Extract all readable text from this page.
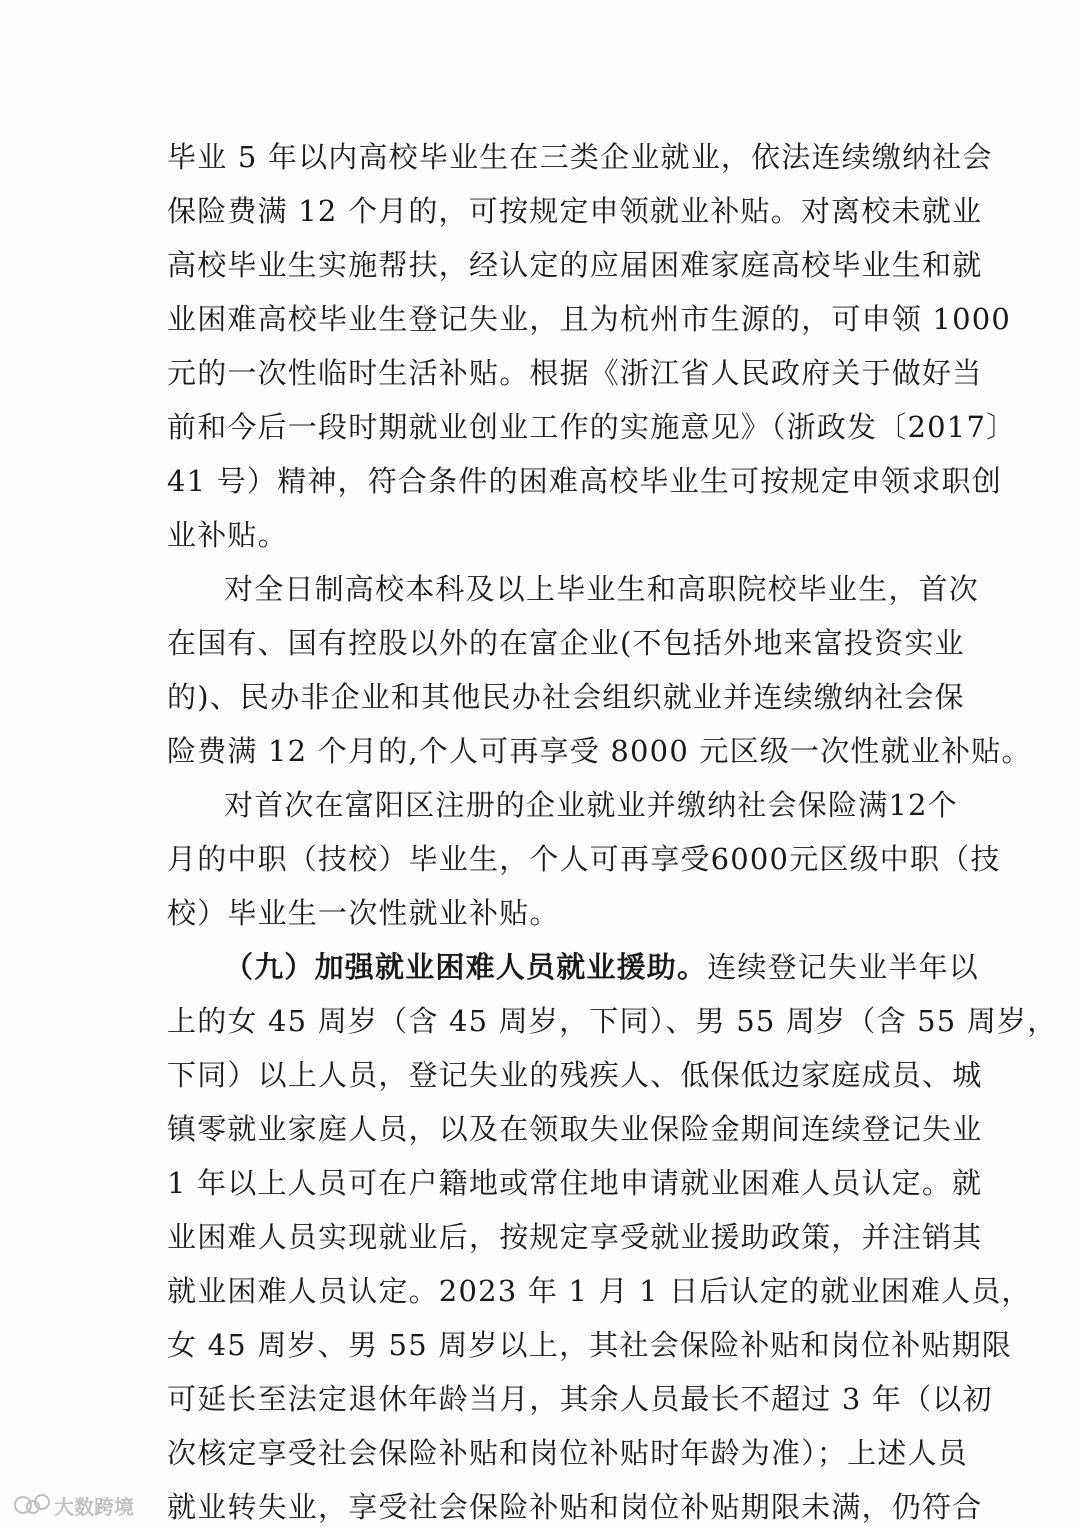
毕业 5 年以内高校毕业生在三类企业就业，依法连续缴纳社会
保险费满 12 个月的，可按规定申领就业补贴。对离校未就业
高校毕业生实施帮扶，经认定的应届困难家庭高校毕业生和就
业困难高校毕业生登记失业，且为杭州市生源的，可申领 1000
元的一次性临时生活补贴。根据《浙江省人民政府关于做好当
前和今后一段时期就业创业工作的实施意见》（浙政发〔2017〕
41 号）精神，符合条件的困难高校毕业生可按规定申领求职创
业补贴。
对全日制高校本科及以上毕业生和高职院校毕业生，首次
在国有、国有控股以外的在富企业(不包括外地来富投资实业
的)、民办非企业和其他民办社会组织就业并连续缴纳社会保
险费满 12 个月的,个人可再享受 8000 元区级一次性就业补贴。
对首次在富阳区注册的企业就业并缴纳社会保险满12个
月的中职（技校）毕业生，个人可再享受6000元区级中职（技
校）毕业生一次性就业补贴。
（九）加强就业困难人员就业援助。连续登记失业半年以
上的女 45 周岁（含 45 周岁，下同）、男 55 周岁（含 55 周岁，
下同）以上人员，登记失业的残疾人、低保低边家庭成员、城
镇零就业家庭人员，以及在领取失业保险金期间连续登记失业
1 年以上人员可在户籍地或常住地申请就业困难人员认定。就
业困难人员实现就业后，按规定享受就业援助政策，并注销其
就业困难人员认定。2023 年 1 月 1 日后认定的就业困难人员，
女 45 周岁、男 55 周岁以上，其社会保险补贴和岗位补贴期限
可延长至法定退休年龄当月，其余人员最长不超过 3 年（以初
次核定享受社会保险补贴和岗位补贴时年龄为准）；上述人员
就业转失业，享受社会保险补贴和岗位补贴期限未满，仍符合
大数跨境
